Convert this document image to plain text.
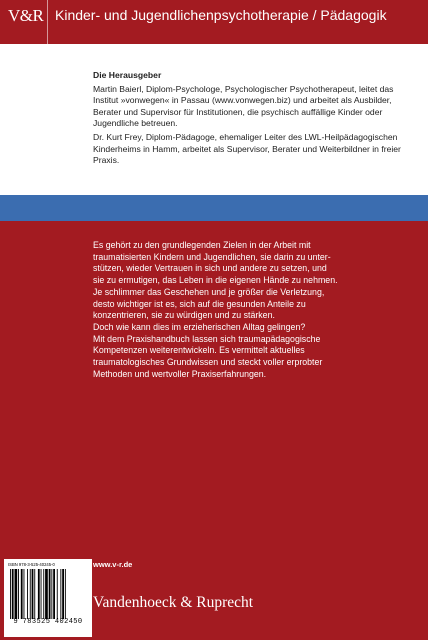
V&R Kinder- und Jugendlichenpsychotherapie / Pädagogik
Die Herausgeber

Martin Baierl, Diplom-Psychologe, Psychologischer Psychotherapeut, leitet das Institut »vonwegen« in Passau (www.vonwegen.biz) und arbeitet als Ausbilder, Berater und Supervisor für Institutionen, die psychisch auffällige Kinder oder Jugendliche betreuen.

Dr. Kurt Frey, Diplom-Pädagoge, ehemaliger Leiter des LWL-Heilpädagogischen Kinderheims in Hamm, arbeitet als Supervisor, Berater und Weiterbildner in freier Praxis.

Es gehört zu den grundlegenden Zielen in der Arbeit mit
traumatisierten Kindern und Jugendlichen, sie darin zu unter-
stützen, wieder Vertrauen in sich und andere zu setzen, und
sie zu ermutigen, das Leben in die eigenen Hände zu nehmen.
Je schlimmer das Geschehen und je größer die Verletzung,
desto wichtiger ist es, sich auf die gesunden Anteile zu
konzentrieren, sie zu würdigen und zu stärken.
Doch wie kann dies im erzieherischen Alltag gelingen?
Mit dem Praxishandbuch lassen sich traumapädagogische
Kompetenzen weiterentwickeln. Es vermittelt aktuelles
traumatologisches Grundwissen und steckt voller erprobter
Methoden und wertvoller Praxiserfahrungen.
www.v-r.de
Vandenhoeck & Ruprecht
ISBN 978-3-525-40245-0
9 783525 402450
